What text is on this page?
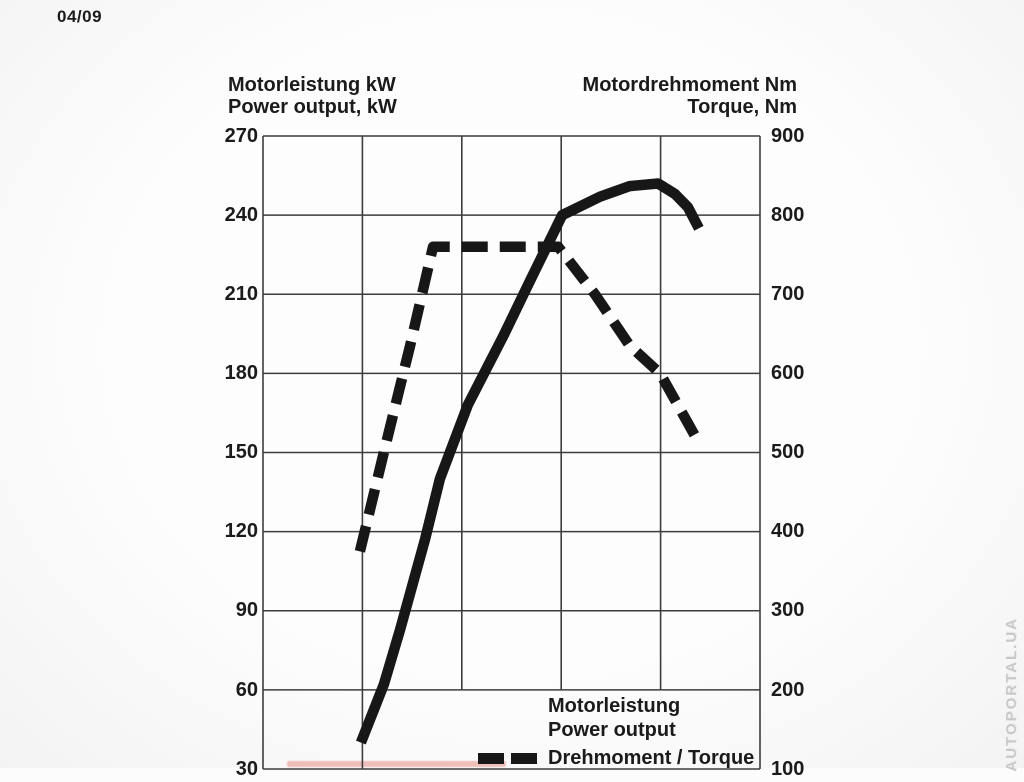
04/09
Motorleistung kW
Power output, kW
Motordrehmoment Nm
Torque, Nm
270
240
210
180
150
120
90
60
30
900
800
700
600
500
400
300
200
100
Motorleistung
Power output
Drehmoment / Torque	AUTOPORTAL.UA
